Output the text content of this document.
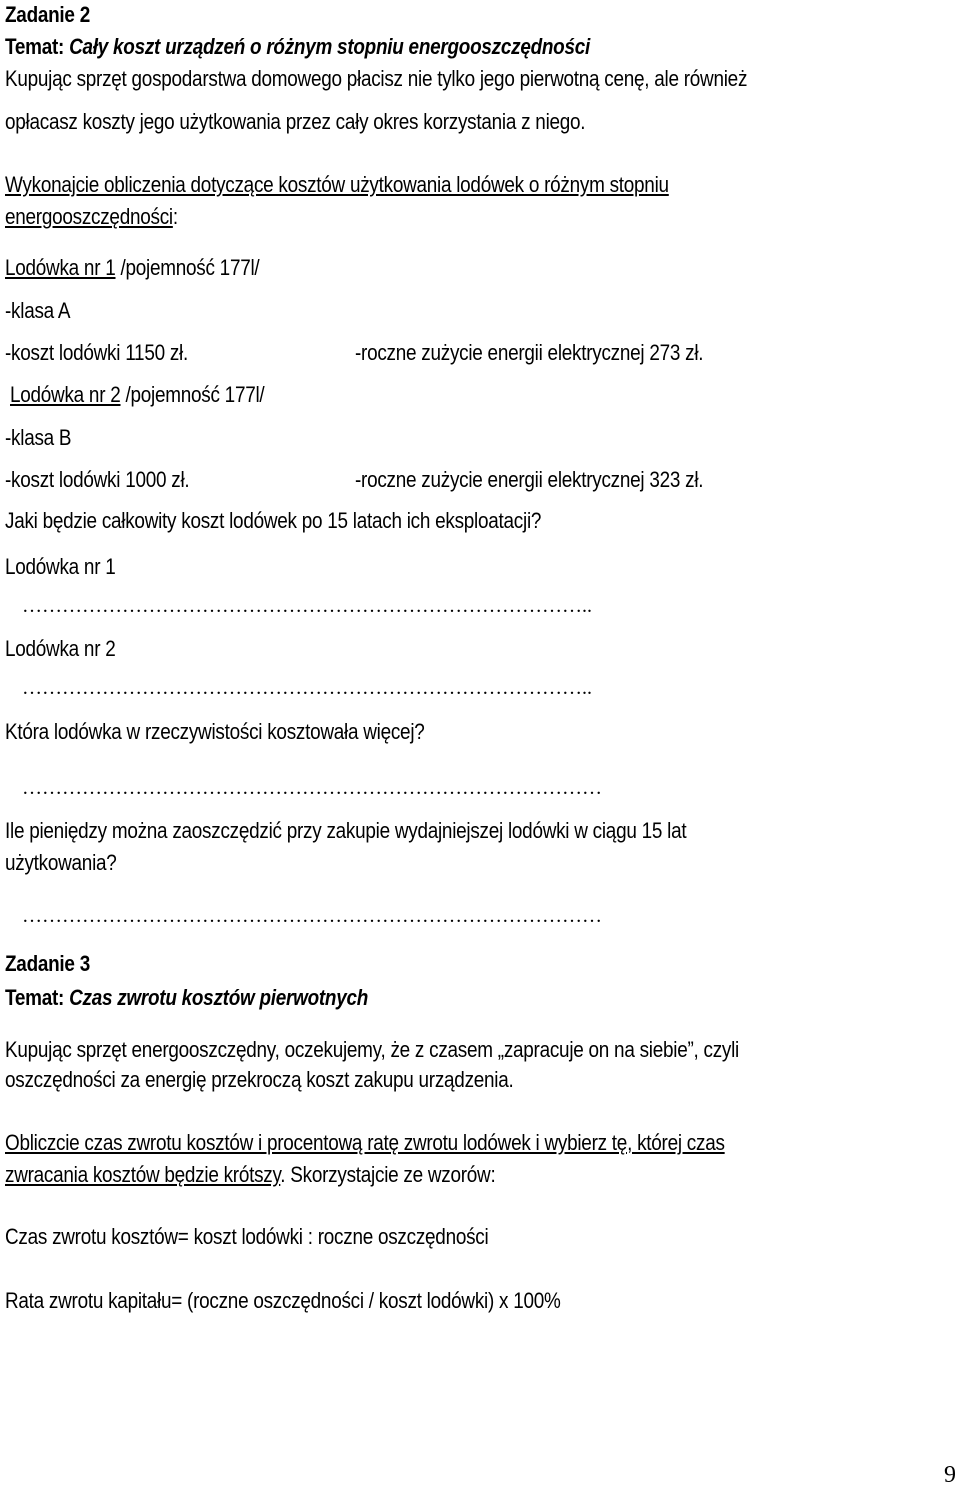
Zadanie 2
Temat: Cały koszt urządzeń o różnym stopniu energooszczędności
Kupując sprzęt gospodarstwa domowego płacisz nie tylko jego pierwotną cenę, ale również
opłacasz koszty jego użytkowania przez cały okres korzystania z niego.
Wykonajcie obliczenia dotyczące kosztów użytkowania lodówek o różnym stopniu
energooszczędności:
Lodówka nr 1 /pojemność 177l/
-klasa A
-koszt lodówki 1150 zł.	-roczne zużycie energii elektrycznej 273 zł.
Lodówka nr 2 /pojemność 177l/
-klasa B
-koszt lodówki 1000 zł.	-roczne zużycie energii elektrycznej 323 zł.
Jaki będzie całkowity koszt lodówek po 15 latach ich eksploatacji?
Lodówka nr 1
…………………………………………………………………………..
Lodówka nr 2
…………………………………………………………………………..
Która lodówka w rzeczywistości kosztowała więcej?
……………………………………………………………………………
Ile pieniędzy można zaoszczędzić przy zakupie wydajniejszej lodówki w ciągu 15 lat
użytkowania?
……………………………………………………………………………
Zadanie 3
Temat: Czas zwrotu kosztów pierwotnych
Kupując sprzęt energooszczędny, oczekujemy, że z czasem „zapracuje on na siebie”, czyli
oszczędności za energię przekroczą koszt zakupu urządzenia.
Obliczcie czas zwrotu kosztów i procentową ratę zwrotu lodówek i wybierz tę, której czas
zwracania kosztów będzie krótszy. Skorzystajcie ze wzorów:
Czas zwrotu kosztów= koszt lodówki : roczne oszczędności
Rata zwrotu kapitału= (roczne oszczędności / koszt lodówki) x 100%
9
